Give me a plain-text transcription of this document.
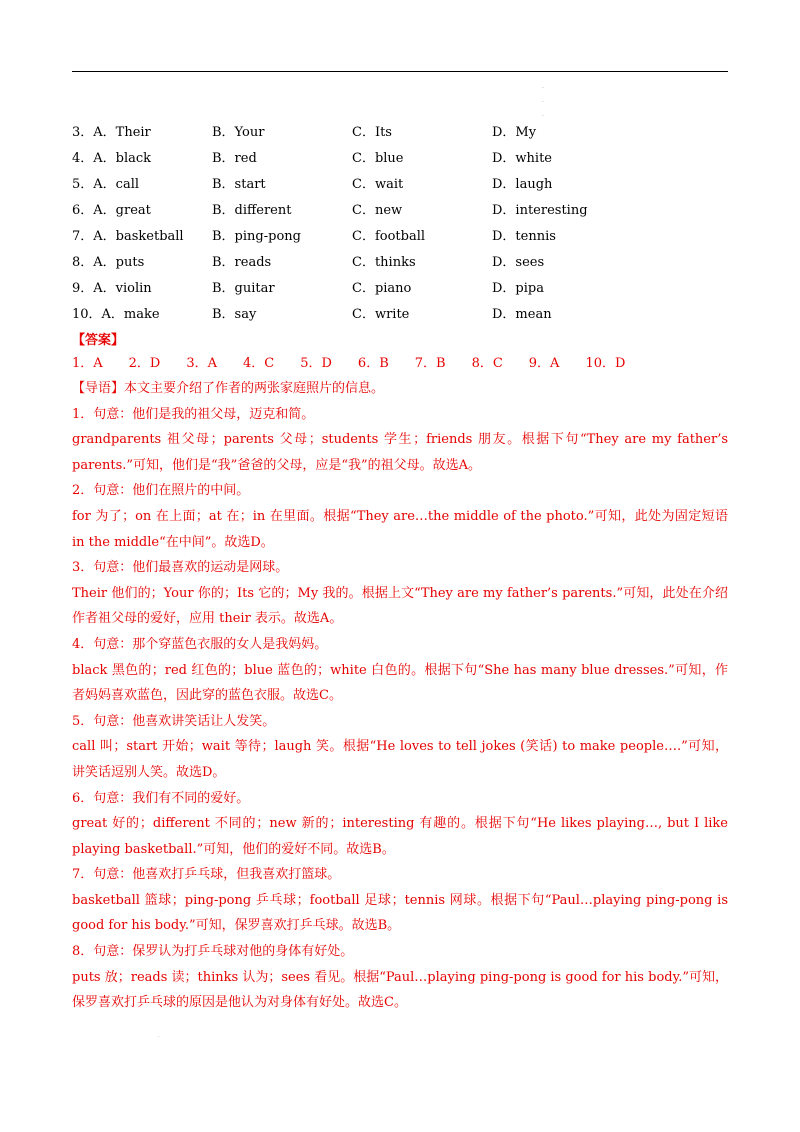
·
·
·
3．A．Their	B．Your	C．Its	D．My
4．A．black	B．red	C．blue	D．white
5．A．call	B．start	C．wait	D．laugh
6．A．great	B．different	C．new	D．interesting
7．A．basketball B．ping-pong	C．football	D．tennis
8．A．puts	B．reads	C．thinks	D．sees
9．A．violin	B．guitar	C．piano	D．pipa
10．A．make	B．say	C．write	D．mean
【答案】
1．A　　2．D　　3．A　　4．C　　5．D　　6．B　　7．B　　8．C　　9．A　　10．D

【导语】本文主要介绍了作者的两张家庭照片的信息。

1．句意：他们是我的祖父母，迈克和简。

grandparents 祖父母；parents 父母；students 学生；friends 朋友。根据下句“They are my father’s parents.”可知，他们是“我”爸爸的父母，应是“我”的祖父母。故选A。

2．句意：他们在照片的中间。

for 为了；on 在上面；at 在；in 在里面。根据“They are…the middle of the photo.”可知，此处为固定短语 in the middle“在中间”。故选D。

3．句意：他们最喜欢的运动是网球。

Their 他们的；Your 你的；Its 它的；My 我的。根据上文“They are my father’s parents.”可知，此处在介绍作者祖父母的爱好，应用 their 表示。故选A。

4．句意：那个穿蓝色衣服的女人是我妈妈。

black 黑色的；red 红色的；blue 蓝色的；white 白色的。根据下句“She has many blue dresses.”可知，作者妈妈喜欢蓝色，因此穿的蓝色衣服。故选C。

5．句意：他喜欢讲笑话让人发笑。

call 叫；start 开始；wait 等待；laugh 笑。根据“He loves to tell jokes (笑话) to make people….”可知，讲笑话逗别人笑。故选D。

6．句意：我们有不同的爱好。

great 好的；different 不同的；new 新的；interesting 有趣的。根据下句“He likes playing…, but I like playing basketball.”可知，他们的爱好不同。故选B。

7．句意：他喜欢打乒乓球，但我喜欢打篮球。

basketball 篮球；ping-pong 乒乓球；football 足球；tennis 网球。根据下句“Paul…playing ping-pong is good for his body.”可知，保罗喜欢打乒乓球。故选B。

8．句意：保罗认为打乒乓球对他的身体有好处。

puts 放；reads 读；thinks 认为；sees 看见。根据“Paul…playing ping-pong is good for his body.”可知，保罗喜欢打乒乓球的原因是他认为对身体有好处。故选C。

·
